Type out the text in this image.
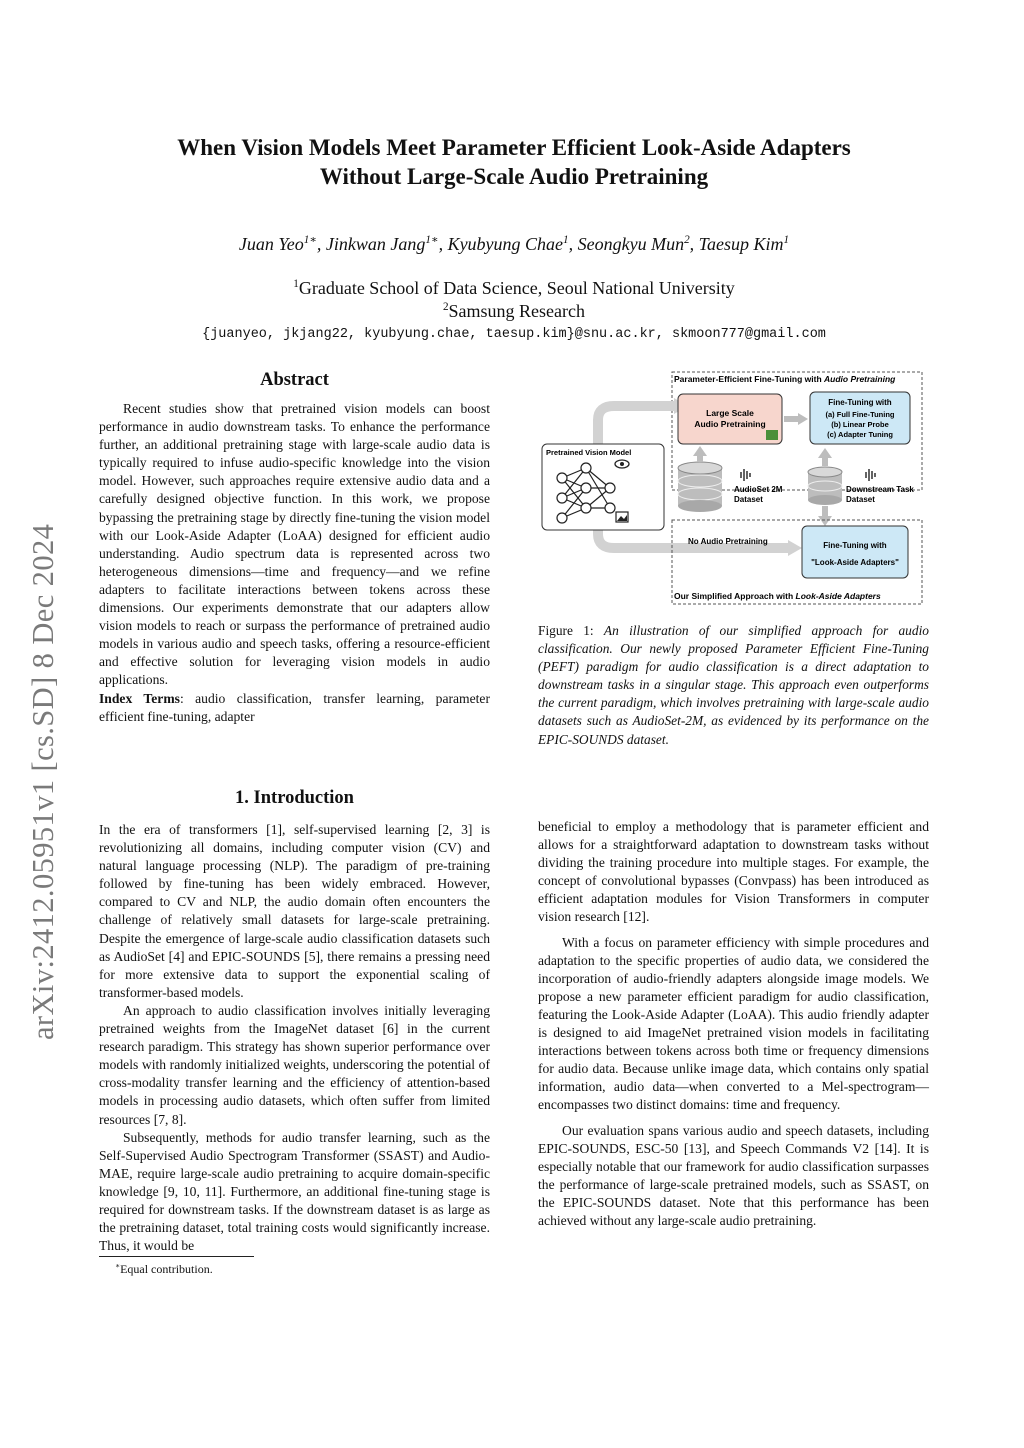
arXiv:2412.05951v1 [cs.SD] 8 Dec 2024
When Vision Models Meet Parameter Efficient Look-Aside Adapters
Without Large-Scale Audio Pretraining
Juan Yeo$^{1∗}$, Jinkwan Jang$^{1∗}$, Kyubyung Chae$^1$, Seongkyu Mun$^2$, Taesup Kim$^1$
$^1$Graduate School of Data Science, Seoul National University
$^2$Samsung Research
{juanyeo, jkjang22, kyubyung.chae, taesup.kim}@snu.ac.kr, skmoon777@gmail.com
Abstract
Recent studies show that pretrained vision models can boost performance in audio downstream tasks. To enhance the performance further, an additional pretraining stage with large-scale audio data is typically required to infuse audio-specific knowledge into the vision model. However, such approaches require extensive audio data and a carefully designed objective function. In this work, we propose bypassing the pretraining stage by directly fine-tuning the vision model with our Look-Aside Adapter (LoAA) designed for efficient audio understanding. Audio spectrum data is represented across two heterogeneous dimensions—time and frequency—and we refine adapters to facilitate interactions between tokens across these dimensions. Our experiments demonstrate that our adapters allow vision models to reach or surpass the performance of pretrained audio models in various audio and speech tasks, offering a resource-efficient and effective solution for leveraging vision models in audio applications.
Index Terms: audio classification, transfer learning, parameter efficient fine-tuning, adapter
1. Introduction
In the era of transformers [1], self-supervised learning [2, 3] is revolutionizing all domains, including computer vision (CV) and natural language processing (NLP). The paradigm of pre-training followed by fine-tuning has been widely embraced. However, compared to CV and NLP, the audio domain often encounters the challenge of relatively small datasets for large-scale pretraining. Despite the emergence of large-scale audio classification datasets such as AudioSet [4] and EPIC-SOUNDS [5], there remains a pressing need for more extensive data to support the exponential scaling of transformer-based models.
An approach to audio classification involves initially leveraging pretrained weights from the ImageNet dataset [6] in the current research paradigm. This strategy has shown superior performance over models with randomly initialized weights, underscoring the potential of cross-modality transfer learning and the efficiency of attention-based models in processing audio datasets, which often suffer from limited resources [7, 8].
Subsequently, methods for audio transfer learning, such as the Self-Supervised Audio Spectrogram Transformer (SSAST) and Audio-MAE, require large-scale audio pretraining to acquire domain-specific knowledge [9, 10, 11]. Furthermore, an additional fine-tuning stage is required for downstream tasks. If the downstream dataset is as large as the pretraining dataset, total training costs would significantly increase. Thus, it would be
∗Equal contribution.
Parameter-Efficient Fine-Tuning with Audio Pretraining
Large Scale
Audio Pretraining
Fine-Tuning with
(a) Full Fine-Tuning
(b) Linear Probe
(c) Adapter Tuning
Pretrained Vision Model
AudioSet 2M
Dataset
Downstream Task
Dataset
No Audio Pretraining	Fine-Tuning with
"Look-Aside Adapters"
Our Simplified Approach with Look-Aside Adapters
Figure 1: An illustration of our simplified approach for audio classification. Our newly proposed Parameter Efficient Fine-Tuning (PEFT) paradigm for audio classification is a direct adaptation to downstream tasks in a singular stage. This approach even outperforms the current paradigm, which involves pretraining with large-scale audio datasets such as AudioSet-2M, as evidenced by its performance on the EPIC-SOUNDS dataset.
beneficial to employ a methodology that is parameter efficient and allows for a straightforward adaptation to downstream tasks without dividing the training procedure into multiple stages. For example, the concept of convolutional bypasses (Convpass) has been introduced as efficient adaptation modules for Vision Transformers in computer vision research [12].
With a focus on parameter efficiency with simple procedures and adaptation to the specific properties of audio data, we considered the incorporation of audio-friendly adapters alongside image models. We propose a new parameter efficient paradigm for audio classification, featuring the Look-Aside Adapter (LoAA). This audio friendly adapter is designed to aid ImageNet pretrained vision models in facilitating interactions between tokens across both time or frequency dimensions for audio data. Because unlike image data, which contains only spatial information, audio data—when converted to a Mel-spectrogram—encompasses two distinct domains: time and frequency.
Our evaluation spans various audio and speech datasets, including EPIC-SOUNDS, ESC-50 [13], and Speech Commands V2 [14]. It is especially notable that our framework for audio classification surpasses the performance of large-scale pretrained models, such as SSAST, on the EPIC-SOUNDS dataset. Note that this performance has been achieved without any large-scale audio pretraining.
